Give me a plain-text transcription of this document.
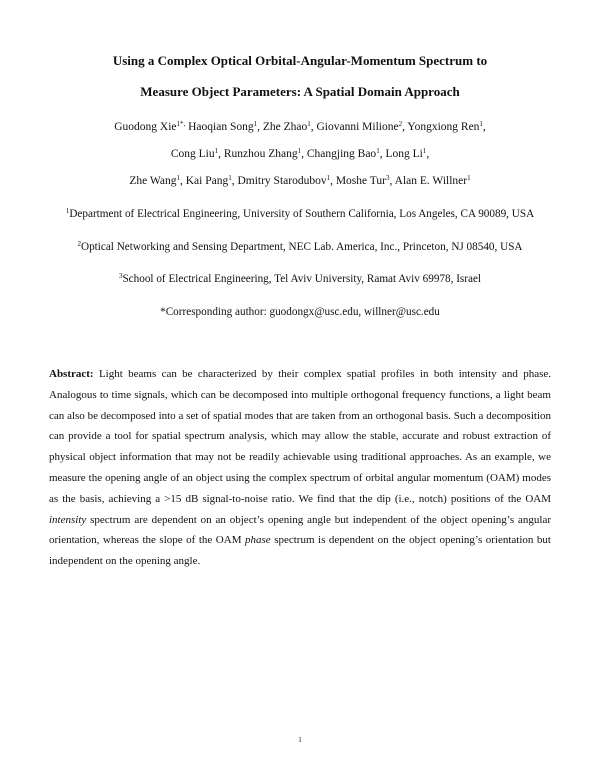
Using a Complex Optical Orbital-Angular-Momentum Spectrum to
Measure Object Parameters: A Spatial Domain Approach
Guodong Xie$^{1*,}$ Haoqian Song$^1$, Zhe Zhao$^1$, Giovanni Milione$^2$, Yongxiong Ren$^1$,
Cong Liu$^1$, Runzhou Zhang$^1$, Changjing Bao$^1$, Long Li$^1$,
Zhe Wang$^1$, Kai Pang$^1$, Dmitry Starodubov$^1$, Moshe Tur$^3$, Alan E. Willner$^1$
$^1$Department of Electrical Engineering, University of Southern California, Los Angeles, CA 90089, USA
$^2$Optical Networking and Sensing Department, NEC Lab. America, Inc., Princeton, NJ 08540, USA
$^3$School of Electrical Engineering, Tel Aviv University, Ramat Aviv 69978, Israel
*Corresponding author: guodongx@usc.edu, willner@usc.edu
Abstract: Light beams can be characterized by their complex spatial profiles in both intensity and phase. Analogous to time signals, which can be decomposed into multiple orthogonal frequency functions, a light beam can also be decomposed into a set of spatial modes that are taken from an orthogonal basis. Such a decomposition can provide a tool for spatial spectrum analysis, which may allow the stable, accurate and robust extraction of physical object information that may not be readily achievable using traditional approaches. As an example, we measure the opening angle of an object using the complex spectrum of orbital angular momentum (OAM) modes as the basis, achieving a >15 dB signal-to-noise ratio. We find that the dip (i.e., notch) positions of the OAM intensity spectrum are dependent on an object’s opening angle but independent of the object opening’s angular orientation, whereas the slope of the OAM phase spectrum is dependent on the object opening’s orientation but independent on the opening angle.
1
